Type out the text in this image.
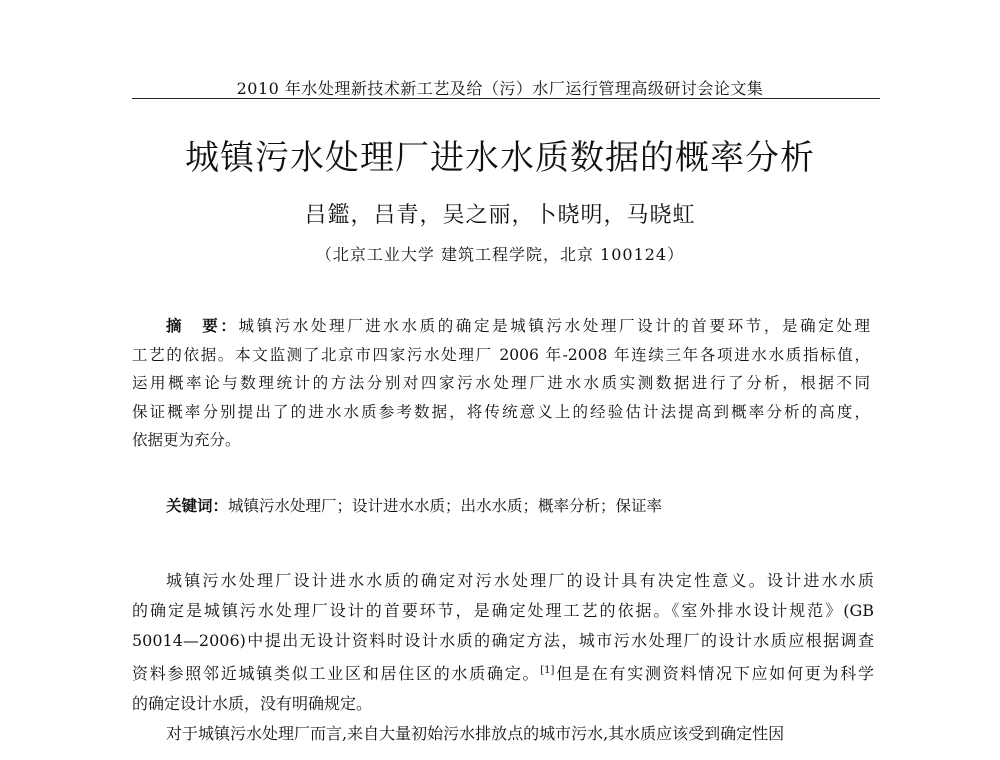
2010 年水处理新技术新工艺及给（污）水厂运行管理高级研讨会论文集
城镇污水处理厂进水水质数据的概率分析
吕鑑，吕青，吴之丽，卜晓明，马晓虹
（北京工业大学 建筑工程学院，北京 100124）
摘　要：城镇污水处理厂进水水质的确定是城镇污水处理厂设计的首要环节，是确定处理
工艺的依据。本文监测了北京市四家污水处理厂 2006 年-2008 年连续三年各项进水水质指标值，
运用概率论与数理统计的方法分别对四家污水处理厂进水水质实测数据进行了分析，根据不同
保证概率分别提出了的进水水质参考数据，将传统意义上的经验估计法提高到概率分析的高度，
依据更为充分。
关键词：城镇污水处理厂；设计进水水质；出水水质；概率分析；保证率
城镇污水处理厂设计进水水质的确定对污水处理厂的设计具有决定性意义。设计进水水质
的确定是城镇污水处理厂设计的首要环节，是确定处理工艺的依据。《室外排水设计规范》(GB
50014—2006)中提出无设计资料时设计水质的确定方法，城市污水处理厂的设计水质应根据调查
资料参照邻近城镇类似工业区和居住区的水质确定。[1]但是在有实测资料情况下应如何更为科学
的确定设计水质，没有明确规定。
对于城镇污水处理厂而言,来自大量初始污水排放点的城市污水,其水质应该受到确定性因
